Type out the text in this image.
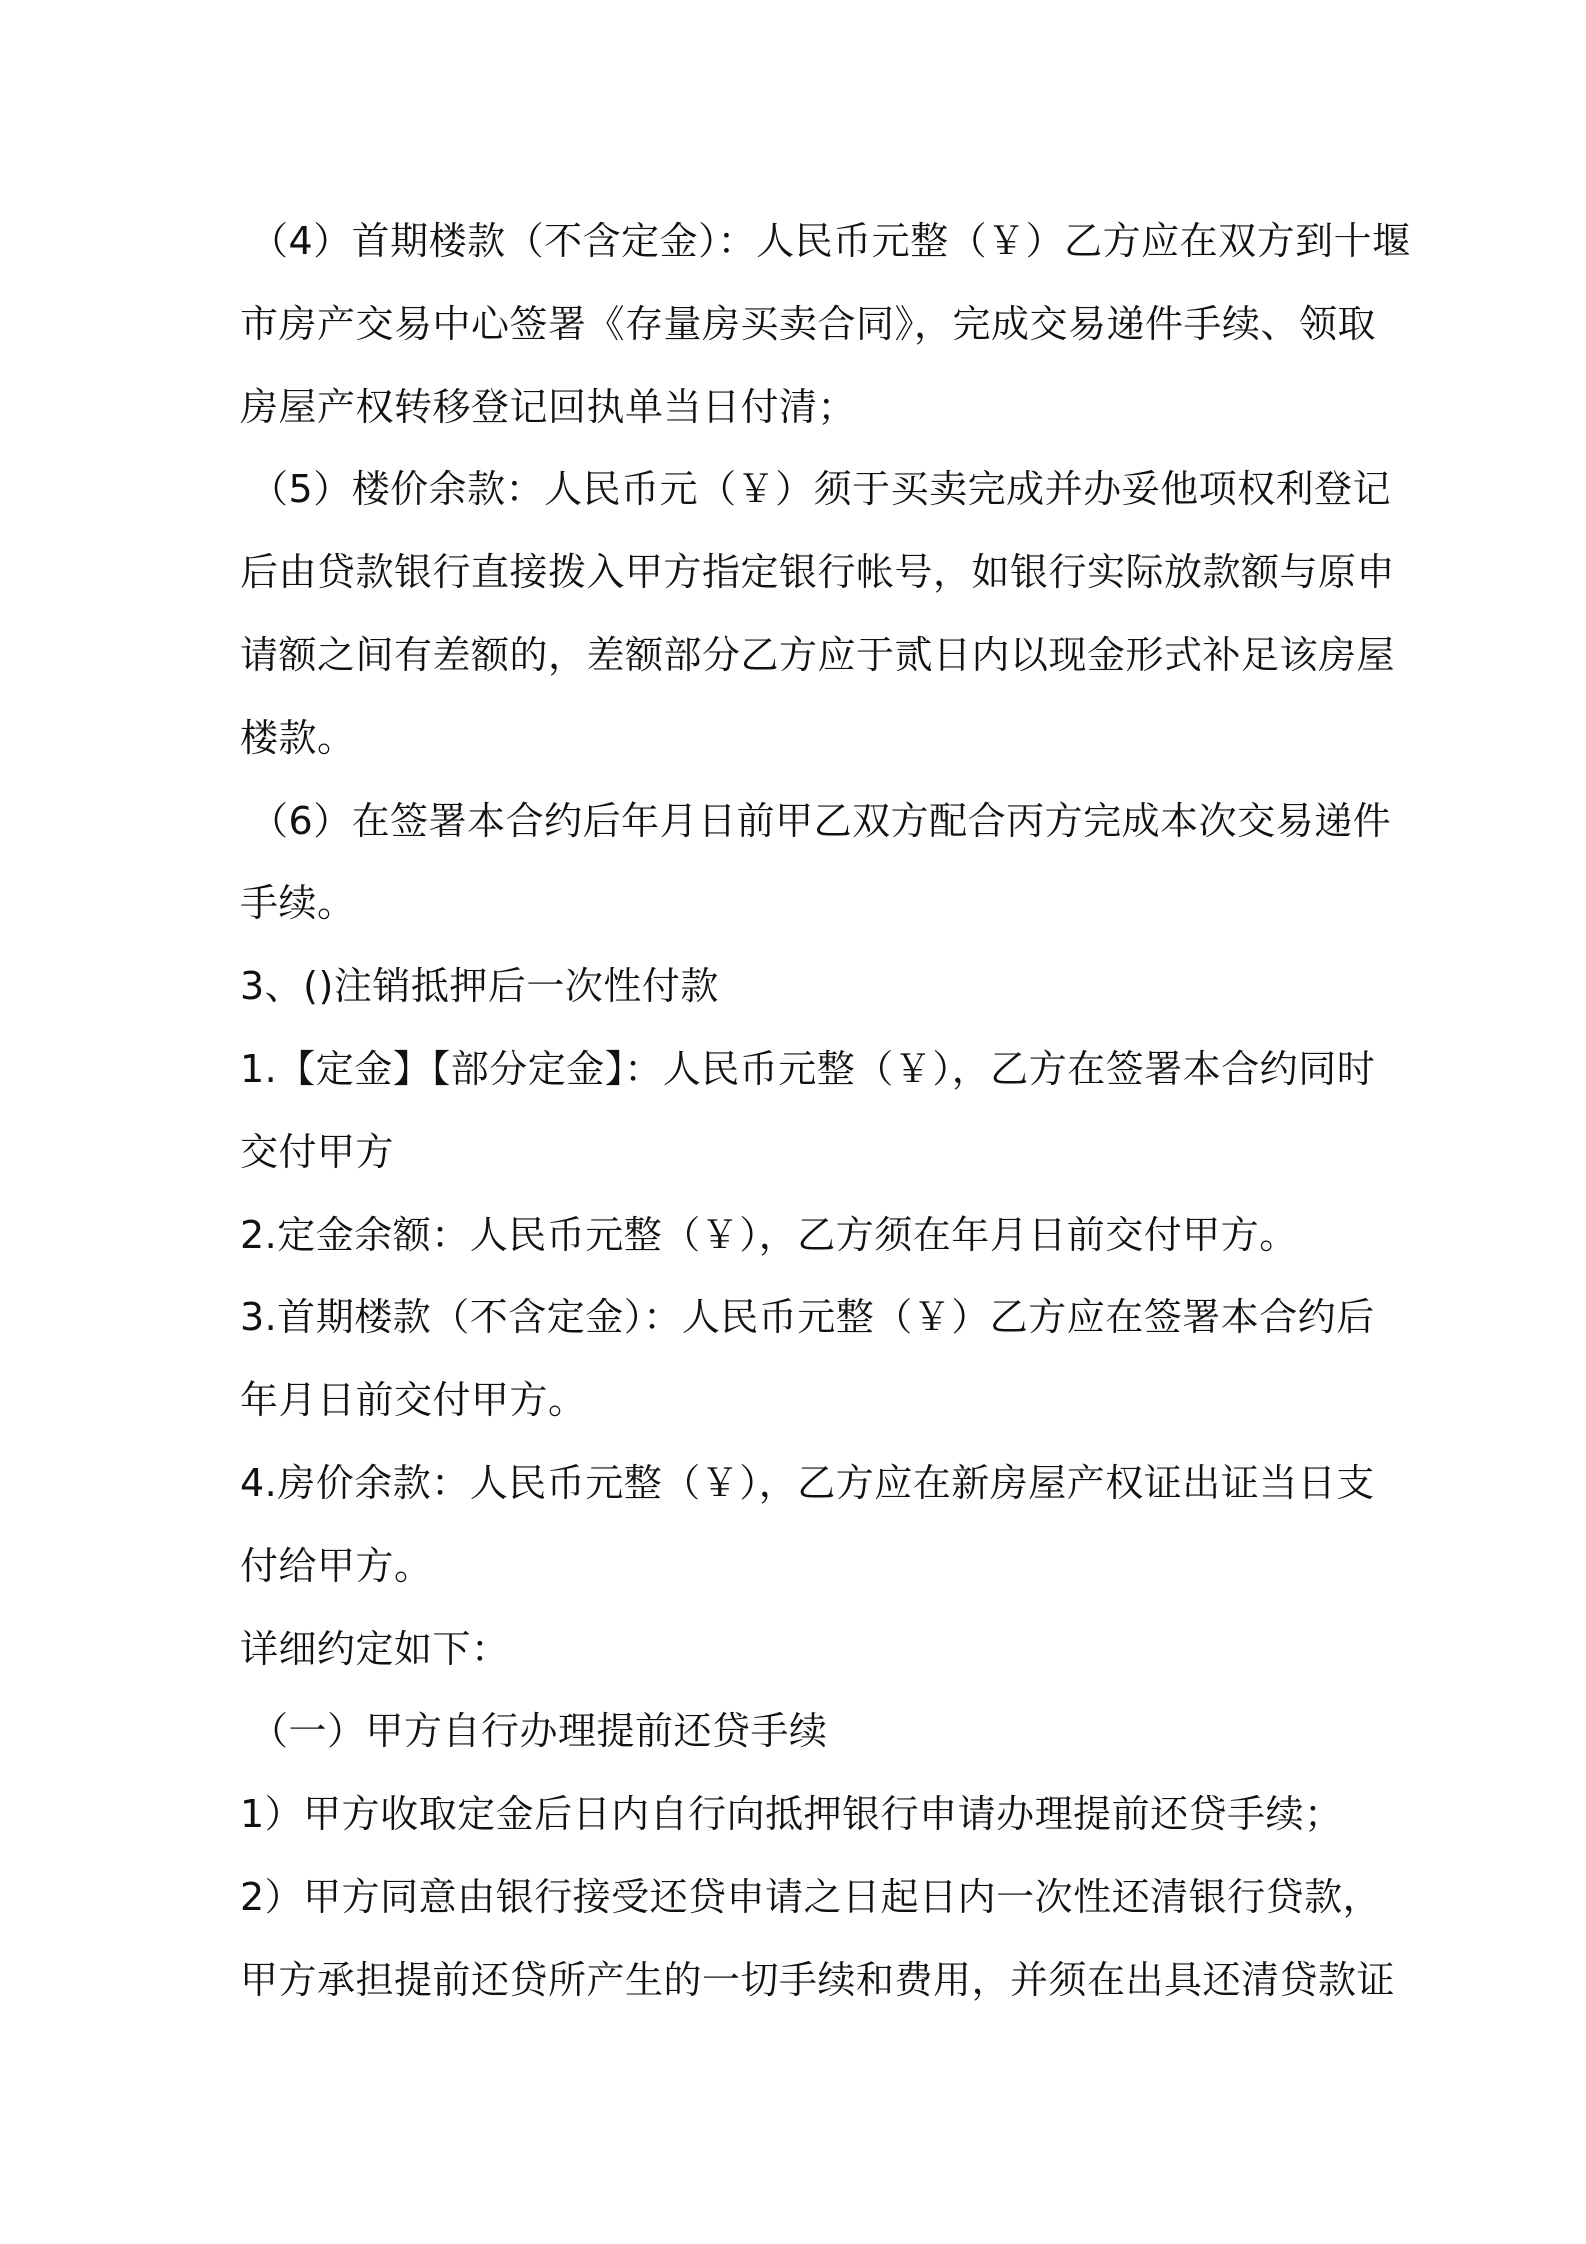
（4）首期楼款（不含定金）：人民币元整（￥）乙方应在双方到十堰
市房产交易中心签署《存量房买卖合同》，完成交易递件手续、领取
房屋产权转移登记回执单当日付清；
（5）楼价余款：人民币元（￥）须于买卖完成并办妥他项权利登记
后由贷款银行直接拨入甲方指定银行帐号，如银行实际放款额与原申
请额之间有差额的，差额部分乙方应于贰日内以现金形式补足该房屋
楼款。
（6）在签署本合约后年月日前甲乙双方配合丙方完成本次交易递件
手续。
3、()注销抵押后一次性付款
1.【定金】【部分定金】：人民币元整（￥），乙方在签署本合约同时
交付甲方
2.定金余额：人民币元整（￥），乙方须在年月日前交付甲方。
3.首期楼款（不含定金）：人民币元整（￥）乙方应在签署本合约后
年月日前交付甲方。
4.房价余款：人民币元整（￥），乙方应在新房屋产权证出证当日支
付给甲方。
详细约定如下：
（一）甲方自行办理提前还贷手续
1）甲方收取定金后日内自行向抵押银行申请办理提前还贷手续；
2）甲方同意由银行接受还贷申请之日起日内一次性还清银行贷款，
甲方承担提前还贷所产生的一切手续和费用，并须在出具还清贷款证
